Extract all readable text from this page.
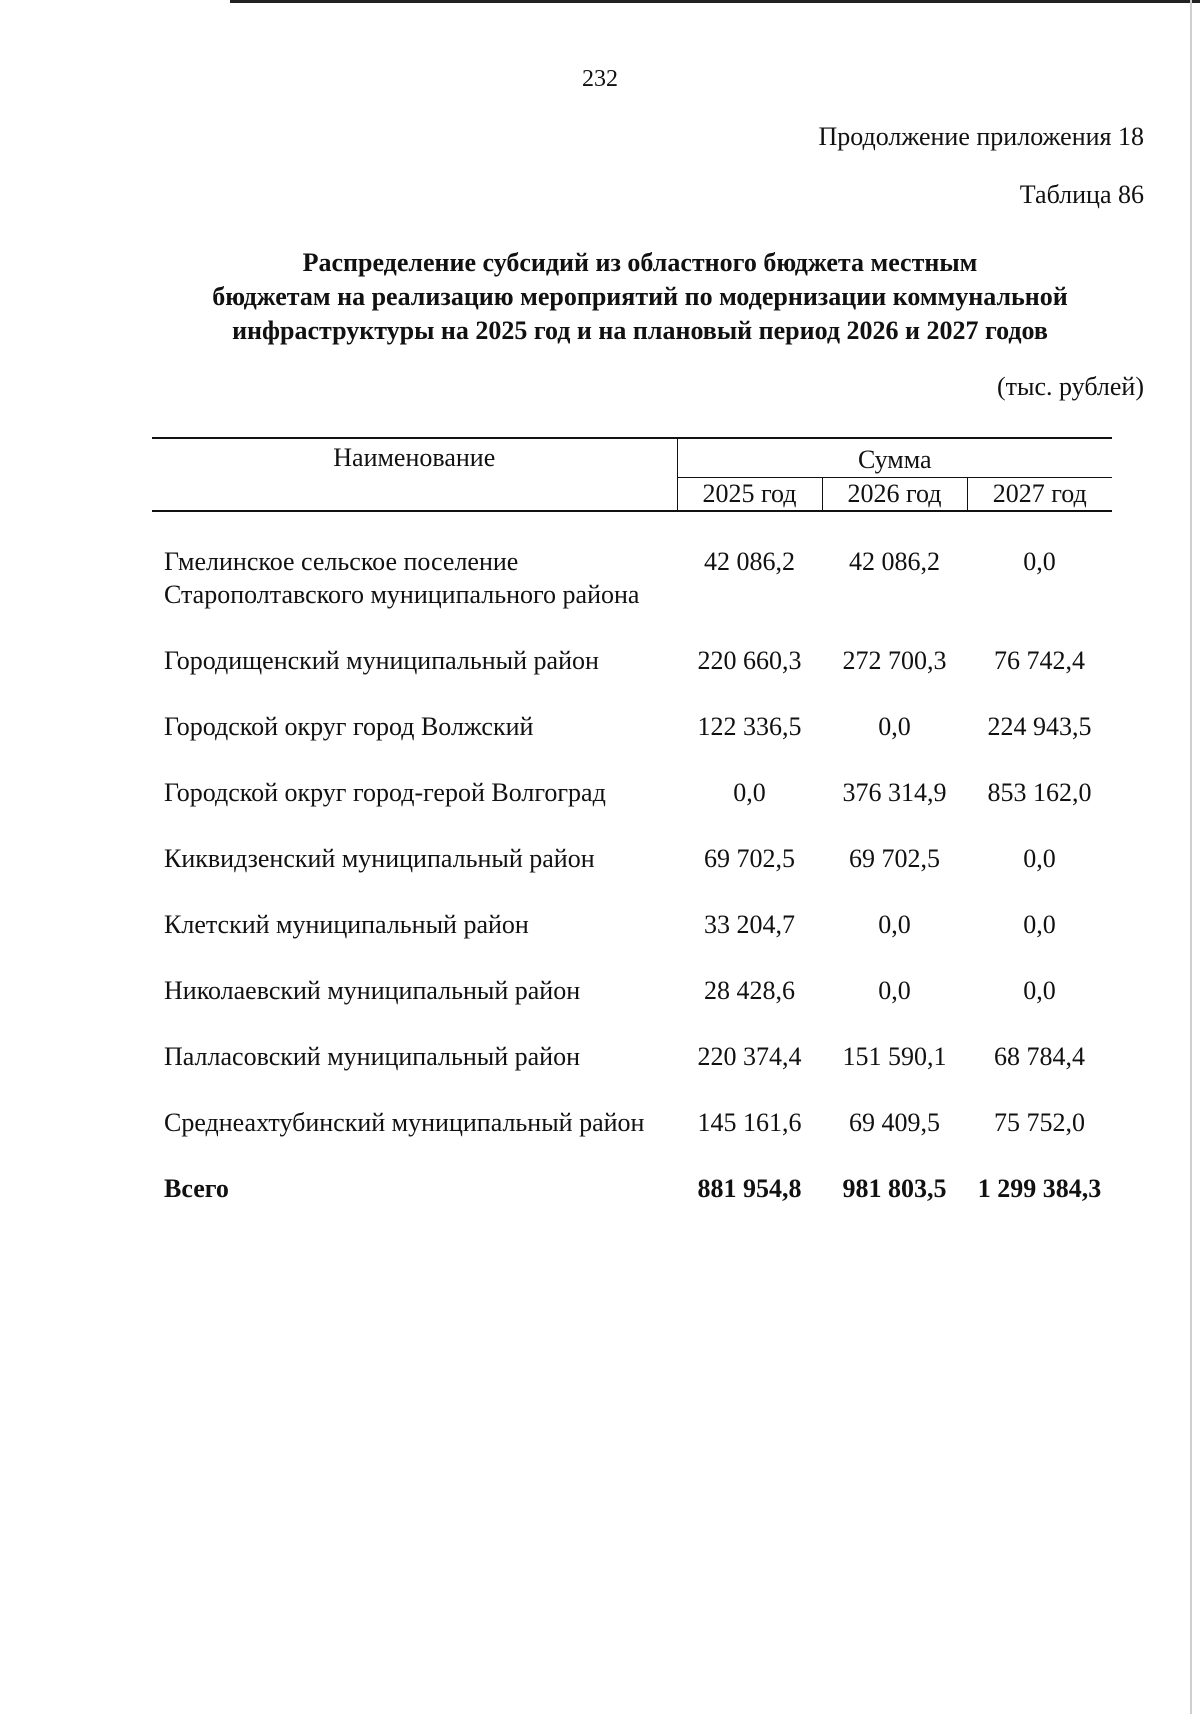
232
Продолжение приложения 18
Таблица 86
Распределение субсидий из областного бюджета местным
бюджетам на реализацию мероприятий по модернизации коммунальной
инфраструктуры на 2025 год и на плановый период 2026 и 2027 годов
(тыс. рублей)
Наименование	Сумма		
	2025 год	2026 год	2027 год

Гмелинское сельское поселение Старополтавского муниципального района	42 086,2	42 086,2	0,0
Городищенский муниципальный район	220 660,3	272 700,3	76 742,4
Городской округ город Волжский	122 336,5	0,0	224 943,5
Городской округ город-герой Волгоград	0,0	376 314,9	853 162,0
Киквидзенский муниципальный район	69 702,5	69 702,5	0,0
Клетский муниципальный район	33 204,7	0,0	0,0
Николаевский муниципальный район	28 428,6	0,0	0,0
Палласовский муниципальный район	220 374,4	151 590,1	68 784,4
Среднеахтубинский муниципальный район	145 161,6	69 409,5	75 752,0
Всего	881 954,8	981 803,5	1 299 384,3
